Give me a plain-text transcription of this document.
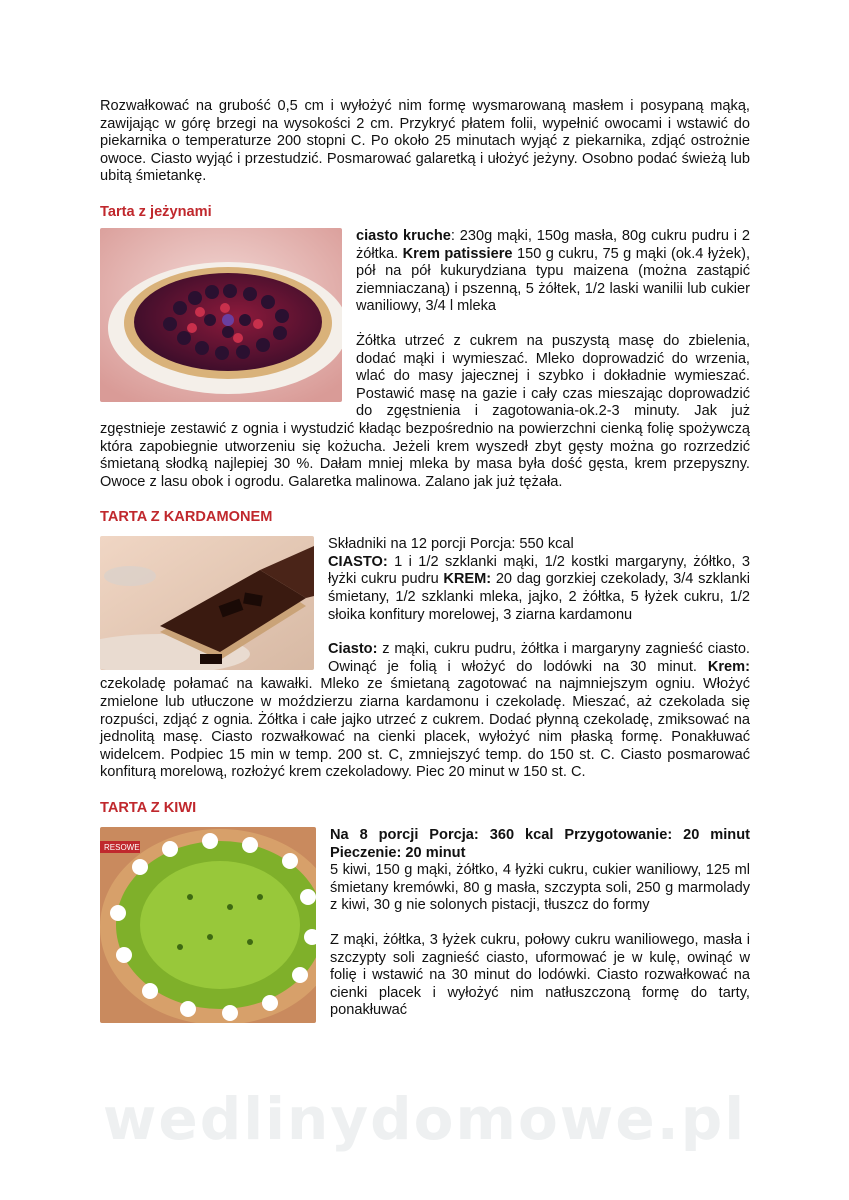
Rozwałkować na grubość 0,5 cm i wyłożyć nim formę wysmarowaną masłem i posypaną mąką, zawijając w górę brzegi na wysokości 2 cm. Przykryć płatem folii, wypełnić owocami i wstawić do piekarnika o temperaturze 200 stopni C. Po około 25 minutach wyjąć z piekarnika, zdjąć ostrożnie owoce. Ciasto wyjąć i przestudzić. Posmarować galaretką i ułożyć jeżyny. Osobno podać świeżą lub ubitą śmietankę.

Tarta z jeżynami

ciasto kruche: 230g mąki, 150g masła, 80g cukru pudru i 2 żółtka. Krem patissiere 150 g cukru, 75 g mąki (ok.4 łyżek), pół na pół kukurydziana typu maizena (można zastąpić ziemniaczaną) i pszenną, 5 żółtek, 1/2 laski wanilii lub cukier waniliowy, 3/4 l mleka

Żółtka utrzeć z cukrem na puszystą masę do zbielenia, dodać mąki i wymieszać. Mleko doprowadzić do wrzenia, wlać do masy jajecznej i szybko i dokładnie wymieszać. Postawić masę na gazie i cały czas mieszając doprowadzić do zgęstnienia i zagotowania-ok.2-3 minuty. Jak już zgęstnieje zestawić z ognia i wystudzić kładąc bezpośrednio na powierzchni cienką folię spożywczą która zapobiegnie utworzeniu się kożucha. Jeżeli krem wyszedł zbyt gęsty można go rozrzedzić śmietaną słodką najlepiej 30 %. Dałam mniej mleka by masa była dość gęsta, krem przepyszny. Owoce z lasu obok i ogrodu. Galaretka malinowa. Zalano jak już tężała.

TARTA Z KARDAMONEM

Składniki na 12 porcji Porcja: 550 kcal

CIASTO: 1 i 1/2 szklanki mąki, 1/2 kostki margaryny, żółtko, 3 łyżki cukru pudru KREM: 20 dag gorzkiej czekolady, 3/4 szklanki śmietany, 1/2 szklanki mleka, jajko, 2 żółtka, 5 łyżek cukru, 1/2 słoika konfitury morelowej, 3 ziarna kardamonu

Ciasto: z mąki, cukru pudru, żółtka i margaryny zagnieść ciasto. Owinąć je folią i włożyć do lodówki na 30 minut. Krem: czekoladę połamać na kawałki. Mleko ze śmietaną zagotować na najmniejszym ogniu. Włożyć zmielone lub utłuczone w moździerzu ziarna kardamonu i czekoladę. Mieszać, aż czekolada się rozpuści, zdjąć z ognia. Żółtka i całe jajko utrzeć z cukrem. Dodać płynną czekoladę, zmiksować na jednolitą masę. Ciasto rozwałkować na cienki placek, wyłożyć nim płaską formę. Ponakłuwać widelcem. Podpiec 15 min w temp. 200 st. C, zmniejszyć temp. do 150 st. C. Ciasto posmarować konfiturą morelową, rozłożyć krem czekoladowy. Piec 20 minut w 150 st. C.

TARTA Z KIWI
RESOWE

Na 8 porcji Porcja: 360 kcal Przygotowanie: 20 minut Pieczenie: 20 minut

5 kiwi, 150 g mąki, żółtko, 4 łyżki cukru, cukier waniliowy, 125 ml śmietany kremówki, 80 g masła, szczypta soli, 250 g marmolady z kiwi, 30 g nie solonych pistacji, tłuszcz do formy

Z mąki, żółtka, 3 łyżek cukru, połowy cukru waniliowego, masła i szczypty soli zagnieść ciasto, uformować je w kulę, owinąć w folię i wstawić na 30 minut do lodówki. Ciasto rozwałkować na cienki placek i wyłożyć nim natłuszczoną formę do tarty, ponakłuwać

wedlinydomowe.pl
